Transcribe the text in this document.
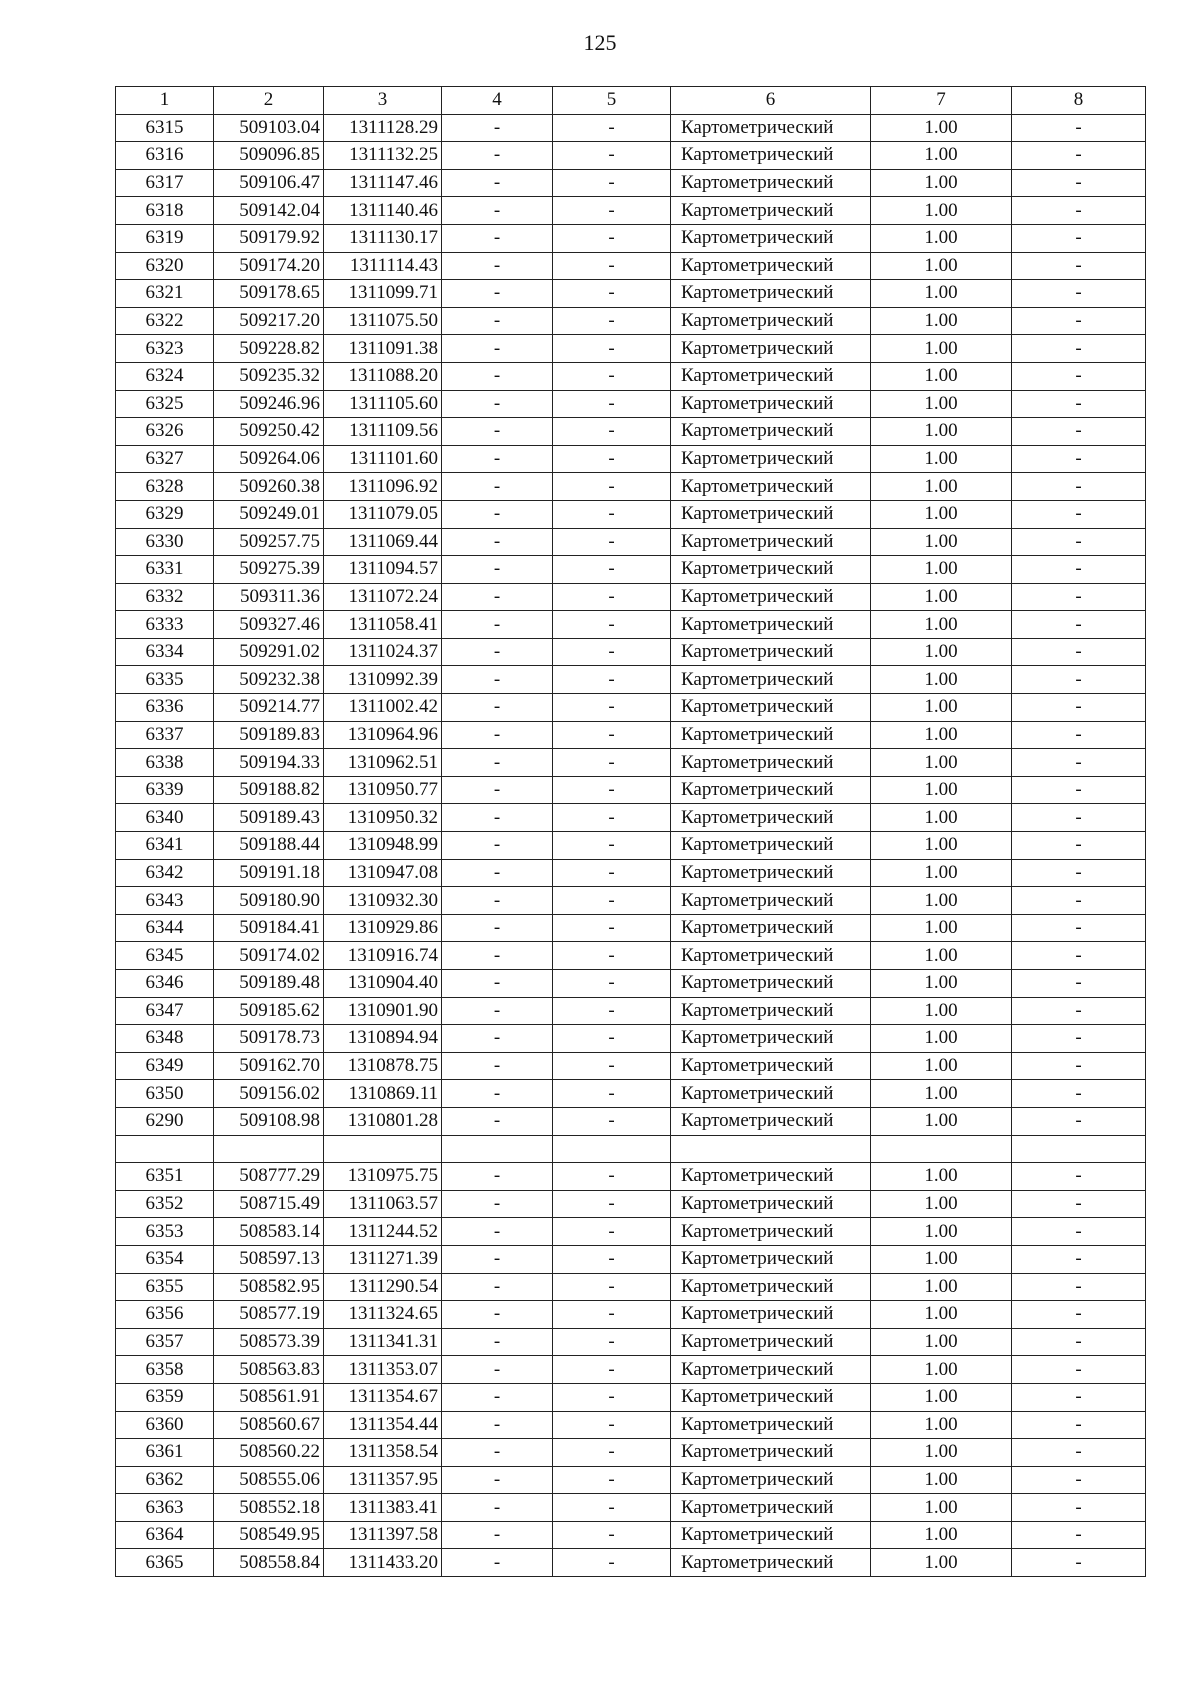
125
1	2	3	4	5	6	7	8
6315	509103.04	1311128.29	-	-	Картометрический	1.00	-
6316	509096.85	1311132.25	-	-	Картометрический	1.00	-
6317	509106.47	1311147.46	-	-	Картометрический	1.00	-
6318	509142.04	1311140.46	-	-	Картометрический	1.00	-
6319	509179.92	1311130.17	-	-	Картометрический	1.00	-
6320	509174.20	1311114.43	-	-	Картометрический	1.00	-
6321	509178.65	1311099.71	-	-	Картометрический	1.00	-
6322	509217.20	1311075.50	-	-	Картометрический	1.00	-
6323	509228.82	1311091.38	-	-	Картометрический	1.00	-
6324	509235.32	1311088.20	-	-	Картометрический	1.00	-
6325	509246.96	1311105.60	-	-	Картометрический	1.00	-
6326	509250.42	1311109.56	-	-	Картометрический	1.00	-
6327	509264.06	1311101.60	-	-	Картометрический	1.00	-
6328	509260.38	1311096.92	-	-	Картометрический	1.00	-
6329	509249.01	1311079.05	-	-	Картометрический	1.00	-
6330	509257.75	1311069.44	-	-	Картометрический	1.00	-
6331	509275.39	1311094.57	-	-	Картометрический	1.00	-
6332	509311.36	1311072.24	-	-	Картометрический	1.00	-
6333	509327.46	1311058.41	-	-	Картометрический	1.00	-
6334	509291.02	1311024.37	-	-	Картометрический	1.00	-
6335	509232.38	1310992.39	-	-	Картометрический	1.00	-
6336	509214.77	1311002.42	-	-	Картометрический	1.00	-
6337	509189.83	1310964.96	-	-	Картометрический	1.00	-
6338	509194.33	1310962.51	-	-	Картометрический	1.00	-
6339	509188.82	1310950.77	-	-	Картометрический	1.00	-
6340	509189.43	1310950.32	-	-	Картометрический	1.00	-
6341	509188.44	1310948.99	-	-	Картометрический	1.00	-
6342	509191.18	1310947.08	-	-	Картометрический	1.00	-
6343	509180.90	1310932.30	-	-	Картометрический	1.00	-
6344	509184.41	1310929.86	-	-	Картометрический	1.00	-
6345	509174.02	1310916.74	-	-	Картометрический	1.00	-
6346	509189.48	1310904.40	-	-	Картометрический	1.00	-
6347	509185.62	1310901.90	-	-	Картометрический	1.00	-
6348	509178.73	1310894.94	-	-	Картометрический	1.00	-
6349	509162.70	1310878.75	-	-	Картометрический	1.00	-
6350	509156.02	1310869.11	-	-	Картометрический	1.00	-
6290	509108.98	1310801.28	-	-	Картометрический	1.00	-

6351	508777.29	1310975.75	-	-	Картометрический	1.00	-
6352	508715.49	1311063.57	-	-	Картометрический	1.00	-
6353	508583.14	1311244.52	-	-	Картометрический	1.00	-
6354	508597.13	1311271.39	-	-	Картометрический	1.00	-
6355	508582.95	1311290.54	-	-	Картометрический	1.00	-
6356	508577.19	1311324.65	-	-	Картометрический	1.00	-
6357	508573.39	1311341.31	-	-	Картометрический	1.00	-
6358	508563.83	1311353.07	-	-	Картометрический	1.00	-
6359	508561.91	1311354.67	-	-	Картометрический	1.00	-
6360	508560.67	1311354.44	-	-	Картометрический	1.00	-
6361	508560.22	1311358.54	-	-	Картометрический	1.00	-
6362	508555.06	1311357.95	-	-	Картометрический	1.00	-
6363	508552.18	1311383.41	-	-	Картометрический	1.00	-
6364	508549.95	1311397.58	-	-	Картометрический	1.00	-
6365	508558.84	1311433.20	-	-	Картометрический	1.00	-
